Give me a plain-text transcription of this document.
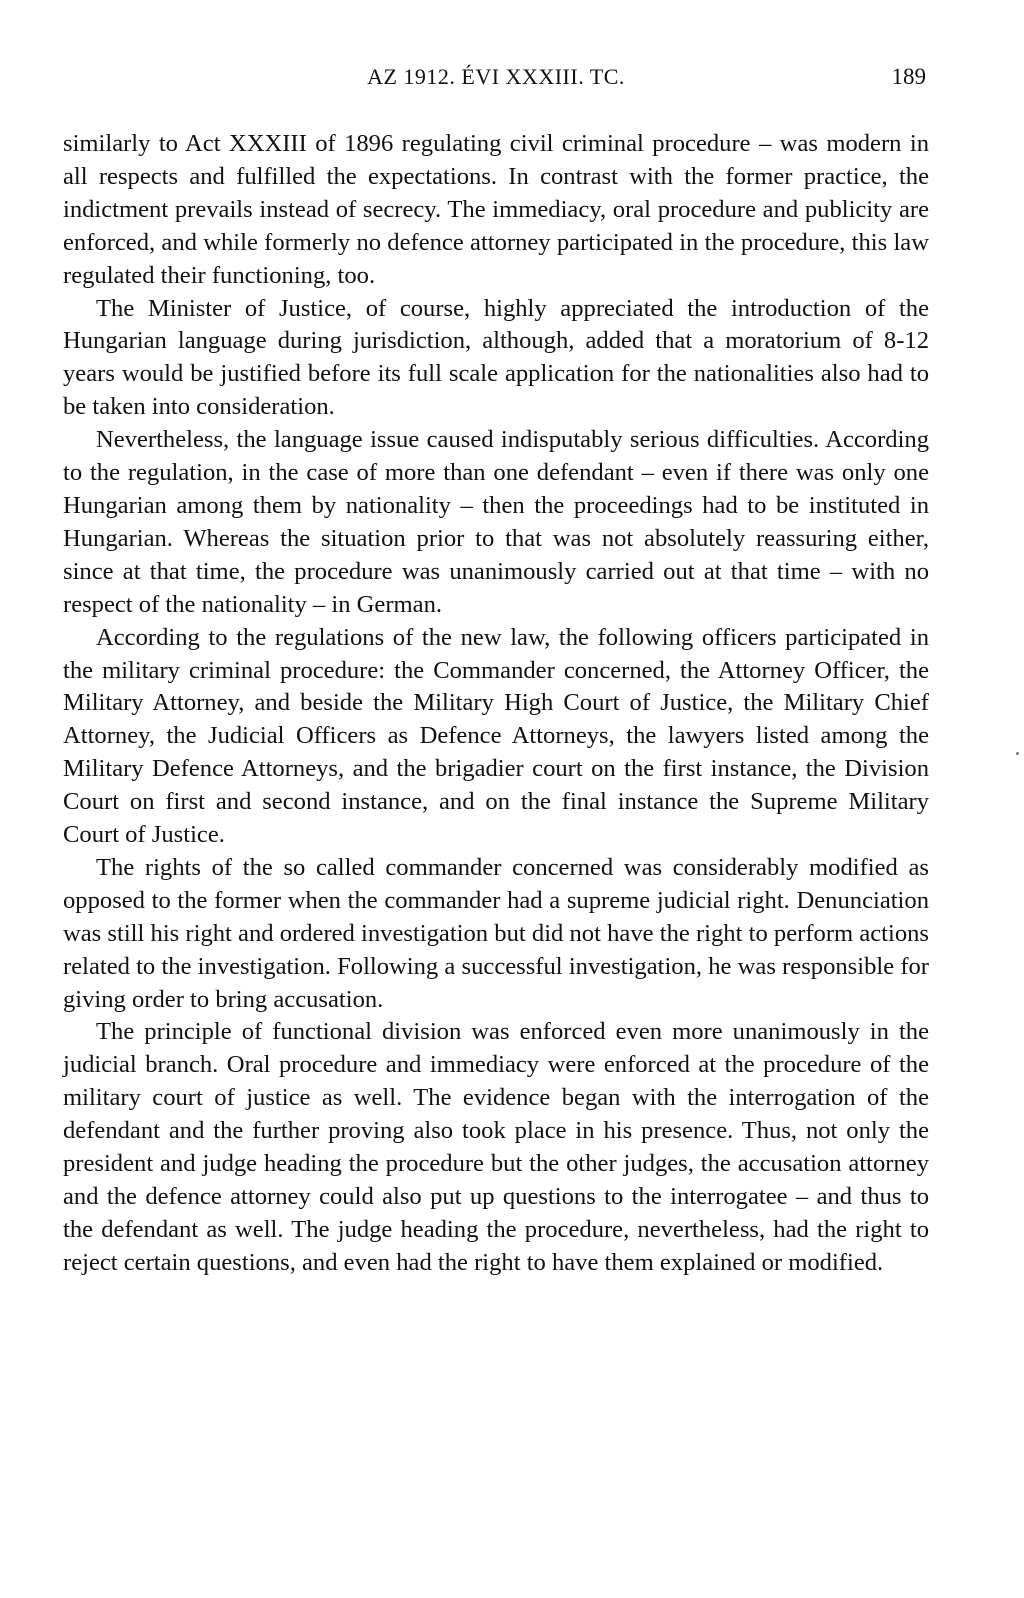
AZ 1912. ÉVI XXXIII. TC.	189

similarly to Act XXXIII of 1896 regulating civil criminal procedure – was modern in all respects and fulfilled the expectations. In contrast with the former practice, the indictment prevails instead of secrecy. The immediacy, oral procedure and publicity are enforced, and while formerly no defence attorney participated in the procedure, this law regulated their functioning, too.

The Minister of Justice, of course, highly appreciated the introduction of the Hungarian language during jurisdiction, although, added that a moratorium of 8-12 years would be justified before its full scale application for the nationalities also had to be taken into consideration.

Nevertheless, the language issue caused indisputably serious difficulties. According to the regulation, in the case of more than one defendant – even if there was only one Hungarian among them by nationality – then the proceedings had to be instituted in Hungarian. Whereas the situation prior to that was not absolutely reassuring either, since at that time, the procedure was unanimously carried out at that time – with no respect of the nationality – in German.

According to the regulations of the new law, the following officers participated in the military criminal procedure: the Commander concerned, the Attorney Officer, the Military Attorney, and beside the Military High Court of Justice, the Military Chief Attorney, the Judicial Officers as Defence Attorneys, the lawyers listed among the Military Defence Attorneys, and the brigadier court on the first instance, the Division Court on first and second instance, and on the final instance the Supreme Military Court of Justice.

The rights of the so called commander concerned was considerably modified as opposed to the former when the commander had a supreme judicial right. Denunciation was still his right and ordered investigation but did not have the right to perform actions related to the investigation. Following a successful investigation, he was responsible for giving order to bring accusation.

The principle of functional division was enforced even more unanimously in the judicial branch. Oral procedure and immediacy were enforced at the procedure of the military court of justice as well. The evidence began with the interrogation of the defendant and the further proving also took place in his presence. Thus, not only the president and judge heading the procedure but the other judges, the accusation attorney and the defence attorney could also put up questions to the interrogatee – and thus to the defendant as well. The judge heading the procedure, nevertheless, had the right to reject certain questions, and even had the right to have them explained or modified.
